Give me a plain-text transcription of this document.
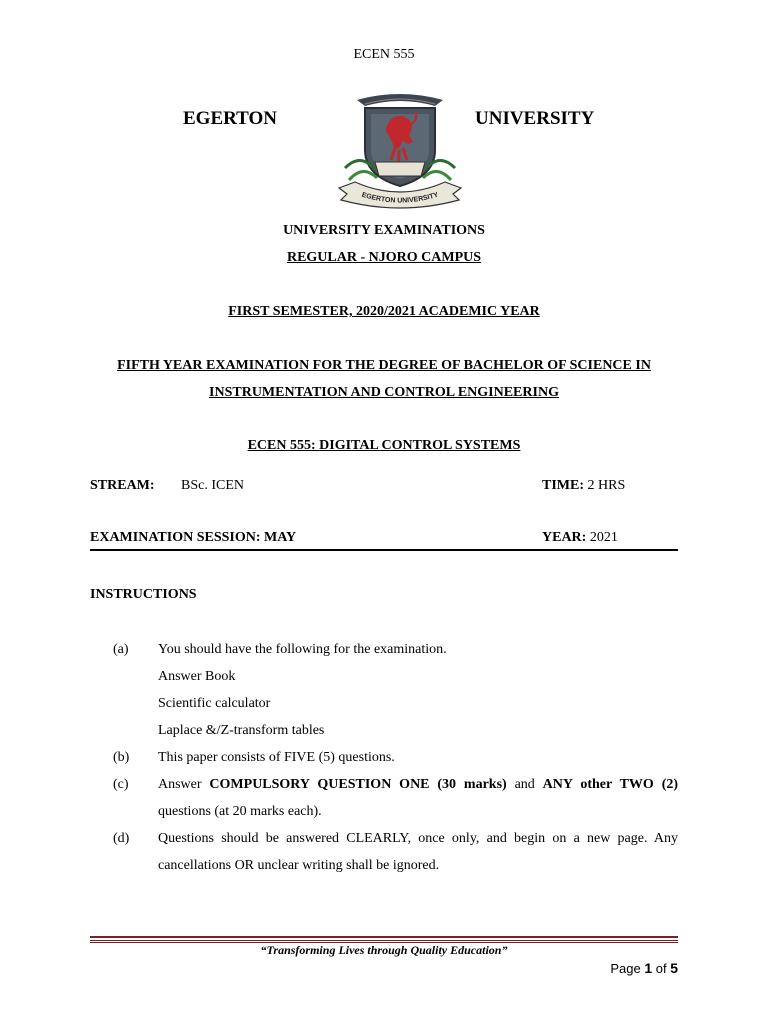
ECEN 555
EGERTON	UNIVERSITY
EGERTON UNIVERSITY
UNIVERSITY EXAMINATIONS
REGULAR - NJORO CAMPUS
FIRST SEMESTER, 2020/2021 ACADEMIC YEAR
FIFTH YEAR EXAMINATION FOR THE DEGREE OF BACHELOR OF SCIENCE IN
INSTRUMENTATION AND CONTROL ENGINEERING
ECEN 555: DIGITAL CONTROL SYSTEMS
STREAM: BSc. ICEN	TIME: 2 HRS
EXAMINATION SESSION: MAY	YEAR: 2021
INSTRUCTIONS
(a) You should have the following for the examination.
Answer Book
Scientific calculator
Laplace &/Z-transform tables
(b) This paper consists of FIVE (5) questions.
(c) Answer COMPULSORY QUESTION ONE (30 marks) and ANY other TWO (2)
questions (at 20 marks each).
(d) Questions should be answered CLEARLY, once only, and begin on a new page. Any
cancellations OR unclear writing shall be ignored.
“Transforming Lives through Quality Education”
Page 1 of 5
